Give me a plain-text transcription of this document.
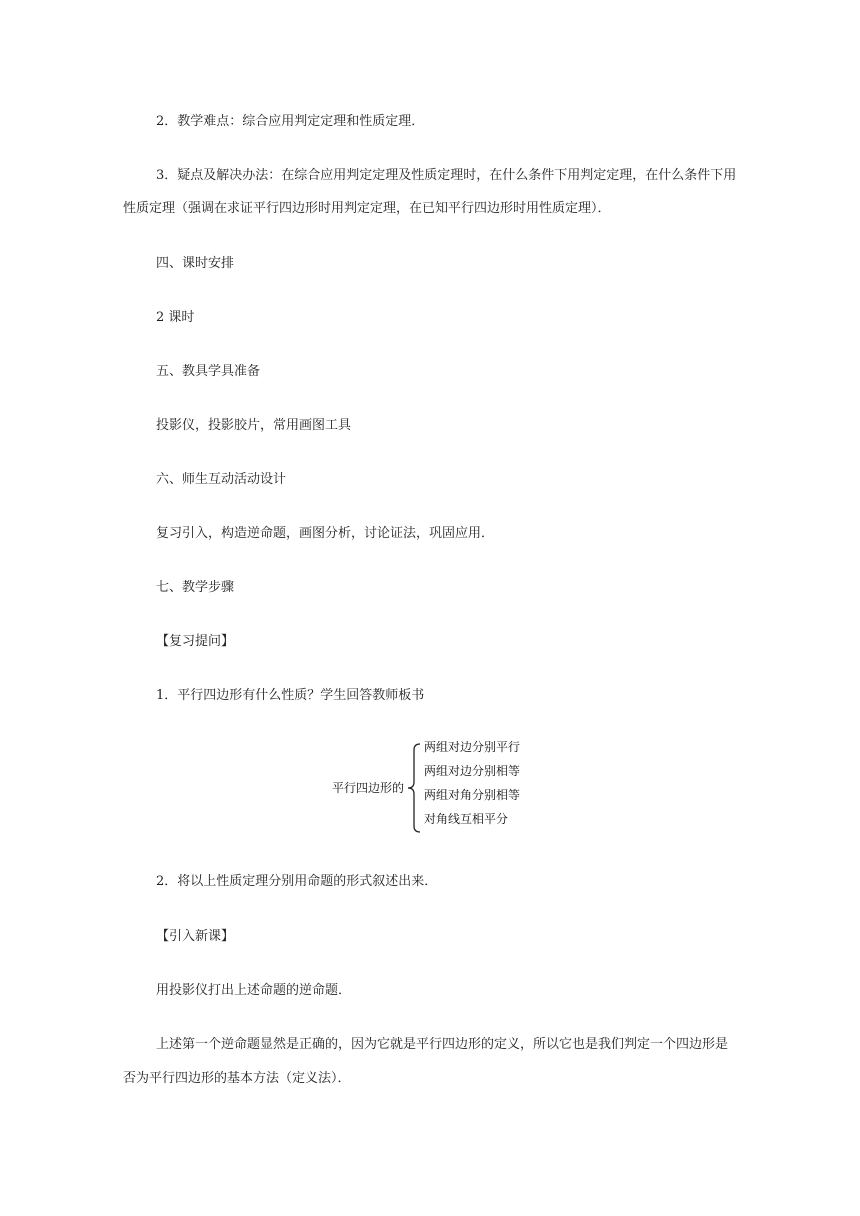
2．教学难点：综合应用判定定理和性质定理．
3．疑点及解决办法：在综合应用判定定理及性质定理时，在什么条件下用判定定理，在什么条件下用
性质定理（强调在求证平行四边形时用判定定理，在已知平行四边形时用性质定理）．
四、课时安排
2 课时
五、教具学具准备
投影仪，投影胶片，常用画图工具
六、师生互动活动设计
复习引入，构造逆命题，画图分析，讨论证法，巩固应用．
七、教学步骤
【复习提问】
1．平行四边形有什么性质？学生回答教师板书
平行四边形的
两组对边分别平行
两组对边分别相等
两组对角分别相等
对角线互相平分
2．将以上性质定理分别用命题的形式叙述出来．
【引入新课】
用投影仪打出上述命题的逆命题．
上述第一个逆命题显然是正确的，因为它就是平行四边形的定义，所以它也是我们判定一个四边形是
否为平行四边形的基本方法（定义法）．
